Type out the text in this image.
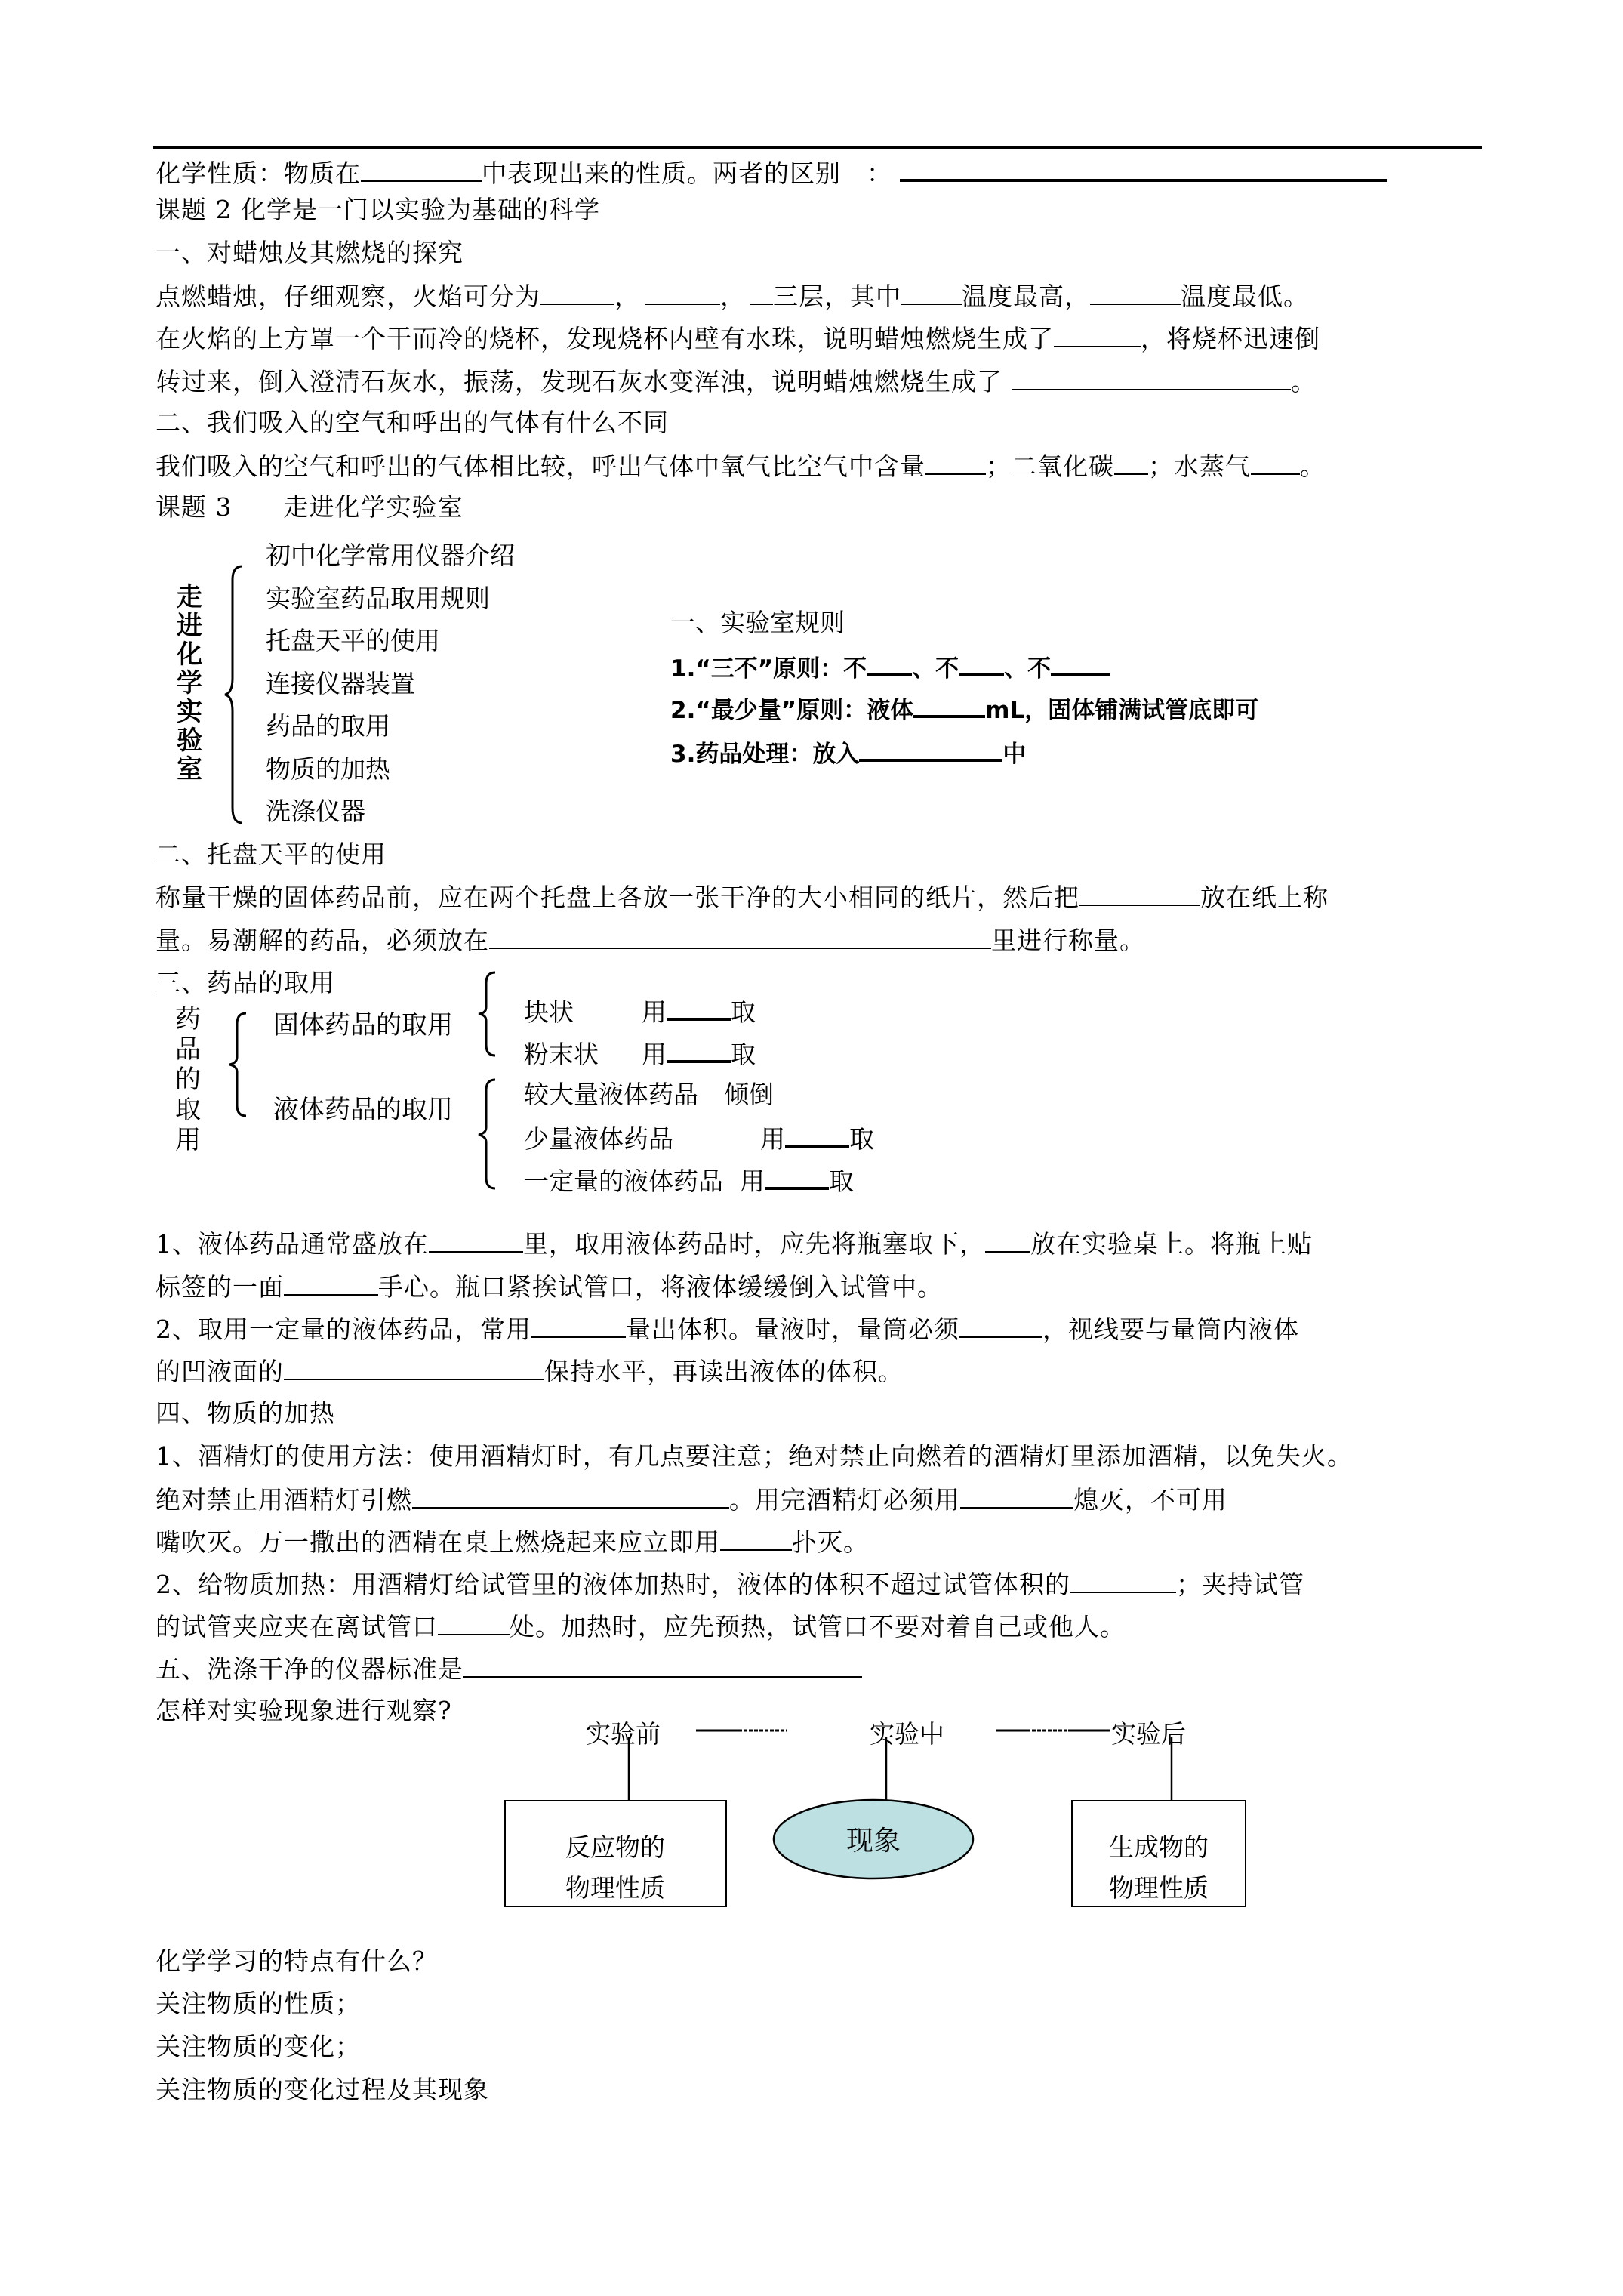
化学性质：物质在	中表现出来的性质。两者的区别　：
课题 2 化学是一门以实验为基础的科学
一、对蜡烛及其燃烧的探究
点燃蜡烛，仔细观察，火焰可分为	，	， 三层，其中 温度最高，	温度最低。
在火焰的上方罩一个干而冷的烧杯，发现烧杯内壁有水珠，说明蜡烛燃烧生成了	，将烧杯迅速倒
转过来，倒入澄清石灰水，振荡，发现石灰水变浑浊，说明蜡烛燃烧生成了	。
二、我们吸入的空气和呼出的气体有什么不同
我们吸入的空气和呼出的气体相比较，呼出气体中氧气比空气中含量 ；二氧化碳 ；水蒸气 。
课题 3　　走进化学实验室
走
进
化
学
实
验
室
初中化学常用仪器介绍
实验室药品取用规则
托盘天平的使用
连接仪器装置
药品的取用
物质的加热
洗涤仪器
一、实验室规则
1.“三不”原则：不 、不 、不
2.“最少量”原则：液体	mL，固体铺满试管底即可
3.药品处理：放入	中
二、托盘天平的使用
称量干燥的固体药品前，应在两个托盘上各放一张干净的大小相同的纸片，然后把	放在纸上称
量。易潮解的药品，必须放在	里进行称量。
三、药品的取用
药
品
的
取
用
固体药品的取用
液体药品的取用
块状	用	取
粉末状 用	取
较大量液体药品 倾倒
少量液体药品	用	取
一定量的液体药品 用	取
1、液体药品通常盛放在	里，取用液体药品时，应先将瓶塞取下， 放在实验桌上。将瓶上贴
标签的一面	手心。瓶口紧挨试管口，将液体缓缓倒入试管中。
2、取用一定量的液体药品，常用	量出体积。量液时，量筒必须	，视线要与量筒内液体
的凹液面的	保持水平，再读出液体的体积。
四、物质的加热
1、酒精灯的使用方法：使用酒精灯时，有几点要注意；绝对禁止向燃着的酒精灯里添加酒精，以免失火。
绝对禁止用酒精灯引燃	。用完酒精灯必须用	熄灭，不可用
嘴吹灭。万一撒出的酒精在桌上燃烧起来应立即用	扑灭。
2、给物质加热：用酒精灯给试管里的液体加热时，液体的体积不超过试管体积的	；夹持试管
的试管夹应夹在离试管口	处。加热时，应先预热，试管口不要对着自己或他人。
五、洗涤干净的仪器标准是
怎样对实验现象进行观察?
实验前	实验中	实验后
反应物的
物理性质
现象	生成物的
物理性质
化学学习的特点有什么？
关注物质的性质；
关注物质的变化；
关注物质的变化过程及其现象
